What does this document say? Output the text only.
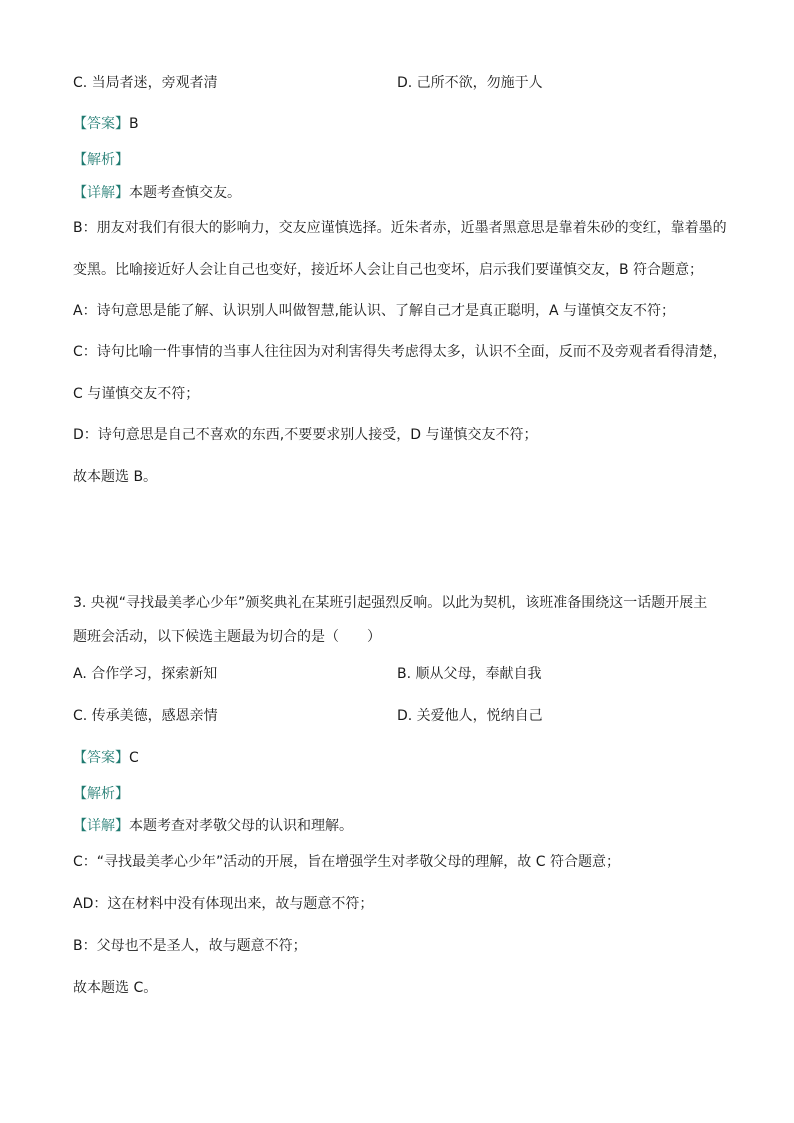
C. 当局者迷，旁观者清	D. 己所不欲，勿施于人

【答案】B

【解析】

【详解】本题考查慎交友。

B：朋友对我们有很大的影响力，交友应谨慎选择。近朱者赤，近墨者黑意思是靠着朱砂的变红，靠着墨的

变黑。比喻接近好人会让自己也变好，接近坏人会让自己也变坏，启示我们要谨慎交友，B 符合题意；

A：诗句意思是能了解、认识别人叫做智慧,能认识、了解自己才是真正聪明，A 与谨慎交友不符；

C：诗句比喻一件事情的当事人往往因为对利害得失考虑得太多，认识不全面，反而不及旁观者看得清楚，

C 与谨慎交友不符；

D：诗句意思是自己不喜欢的东西,不要要求别人接受，D 与谨慎交友不符；

故本题选 B。

3. 央视“寻找最美孝心少年”颁奖典礼在某班引起强烈反响。以此为契机，该班准备围绕这一话题开展主

题班会活动，以下候选主题最为切合的是（　　）

A. 合作学习，探索新知	B. 顺从父母，奉献自我

C. 传承美德，感恩亲情	D. 关爱他人，悦纳自己

【答案】C

【解析】

【详解】本题考查对孝敬父母的认识和理解。

C：“寻找最美孝心少年”活动的开展，旨在增强学生对孝敬父母的理解，故 C 符合题意；

AD：这在材料中没有体现出来，故与题意不符；

B：父母也不是圣人，故与题意不符；

故本题选 C。
